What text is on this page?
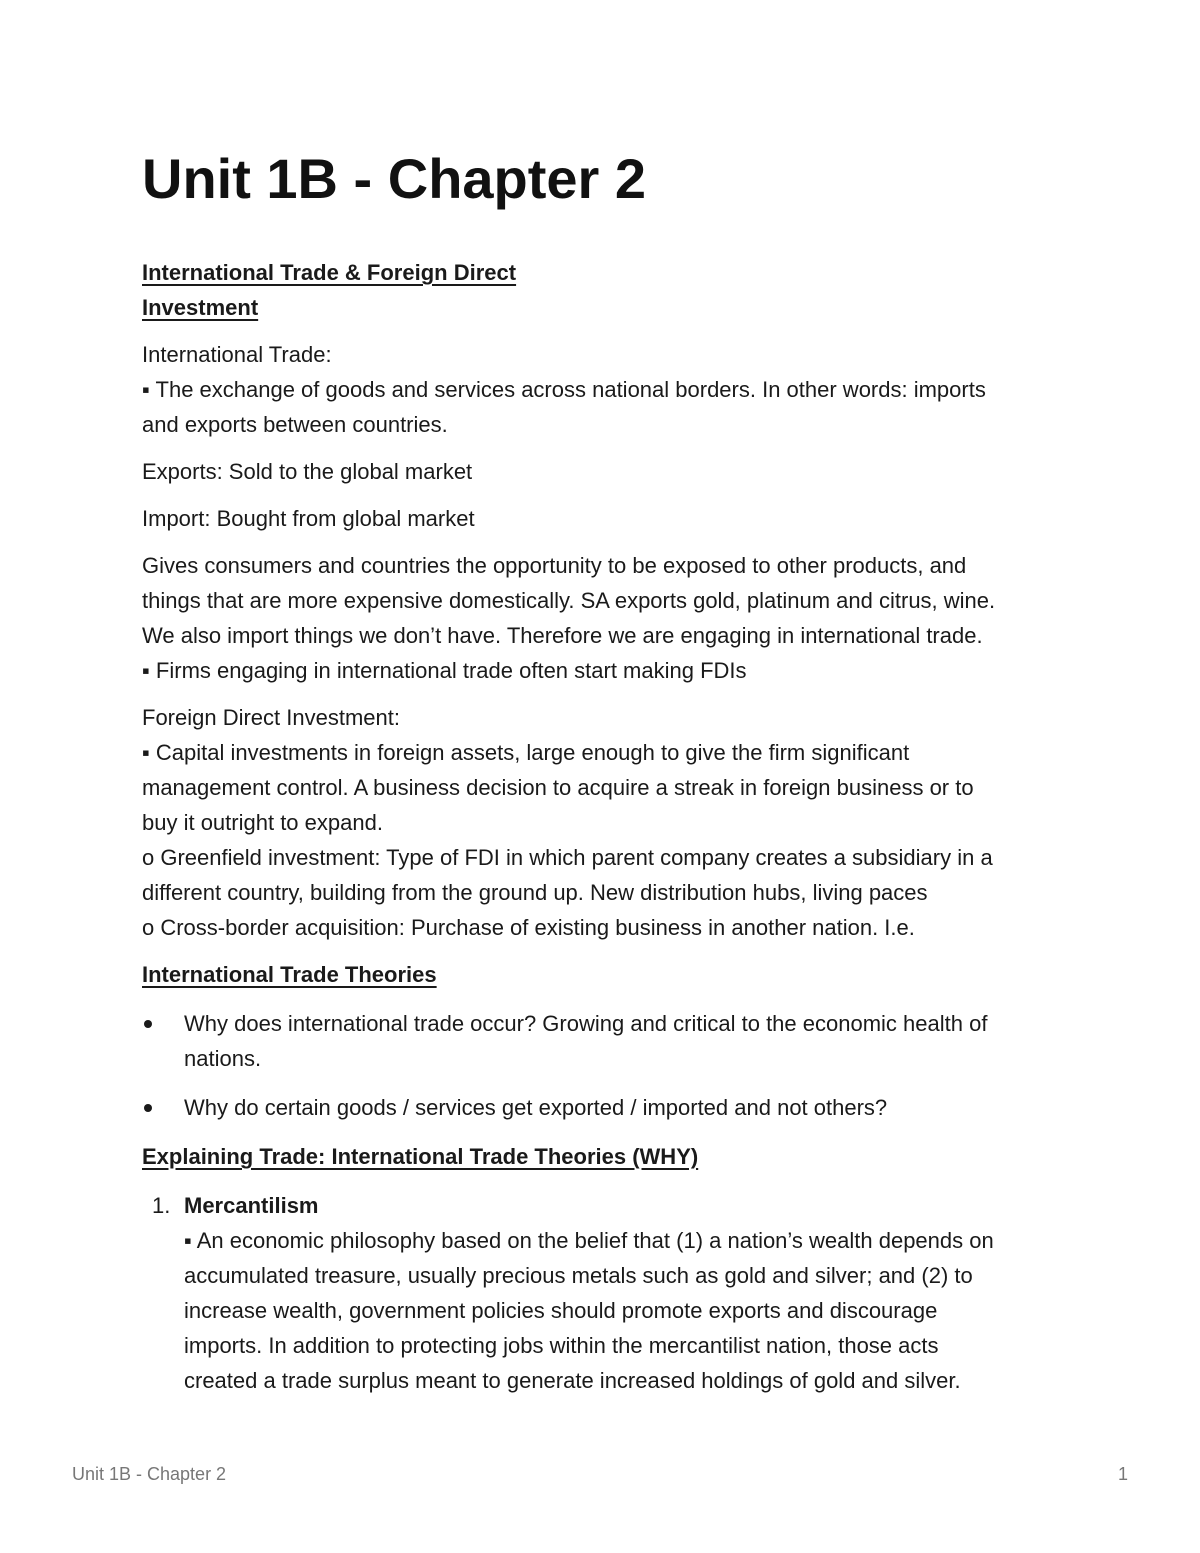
Unit 1B - Chapter 2

International Trade & Foreign Direct

Investment

International Trade:

▪ The exchange of goods and services across national borders. In other words: imports

and exports between countries.

Exports: Sold to the global market

Import: Bought from global market

Gives consumers and countries the opportunity to be exposed to other products, and

things that are more expensive domestically. SA exports gold, platinum and citrus, wine.

We also import things we don’t have. Therefore we are engaging in international trade.

▪ Firms engaging in international trade often start making FDIs

Foreign Direct Investment:

▪ Capital investments in foreign assets, large enough to give the firm significant

management control. A business decision to acquire a streak in foreign business or to

buy it outright to expand.

o Greenfield investment: Type of FDI in which parent company creates a subsidiary in a

different country, building from the ground up. New distribution hubs, living paces

o Cross-border acquisition: Purchase of existing business in another nation. I.e.

International Trade Theories

Why does international trade occur? Growing and critical to the economic health of

nations.

Why do certain goods / services get exported / imported and not others?

Explaining Trade: International Trade Theories (WHY)

1. Mercantilism

▪ An economic philosophy based on the belief that (1) a nation’s wealth depends on

accumulated treasure, usually precious metals such as gold and silver; and (2) to

increase wealth, government policies should promote exports and discourage

imports. In addition to protecting jobs within the mercantilist nation, those acts

created a trade surplus meant to generate increased holdings of gold and silver.

Unit 1B - Chapter 2	1
